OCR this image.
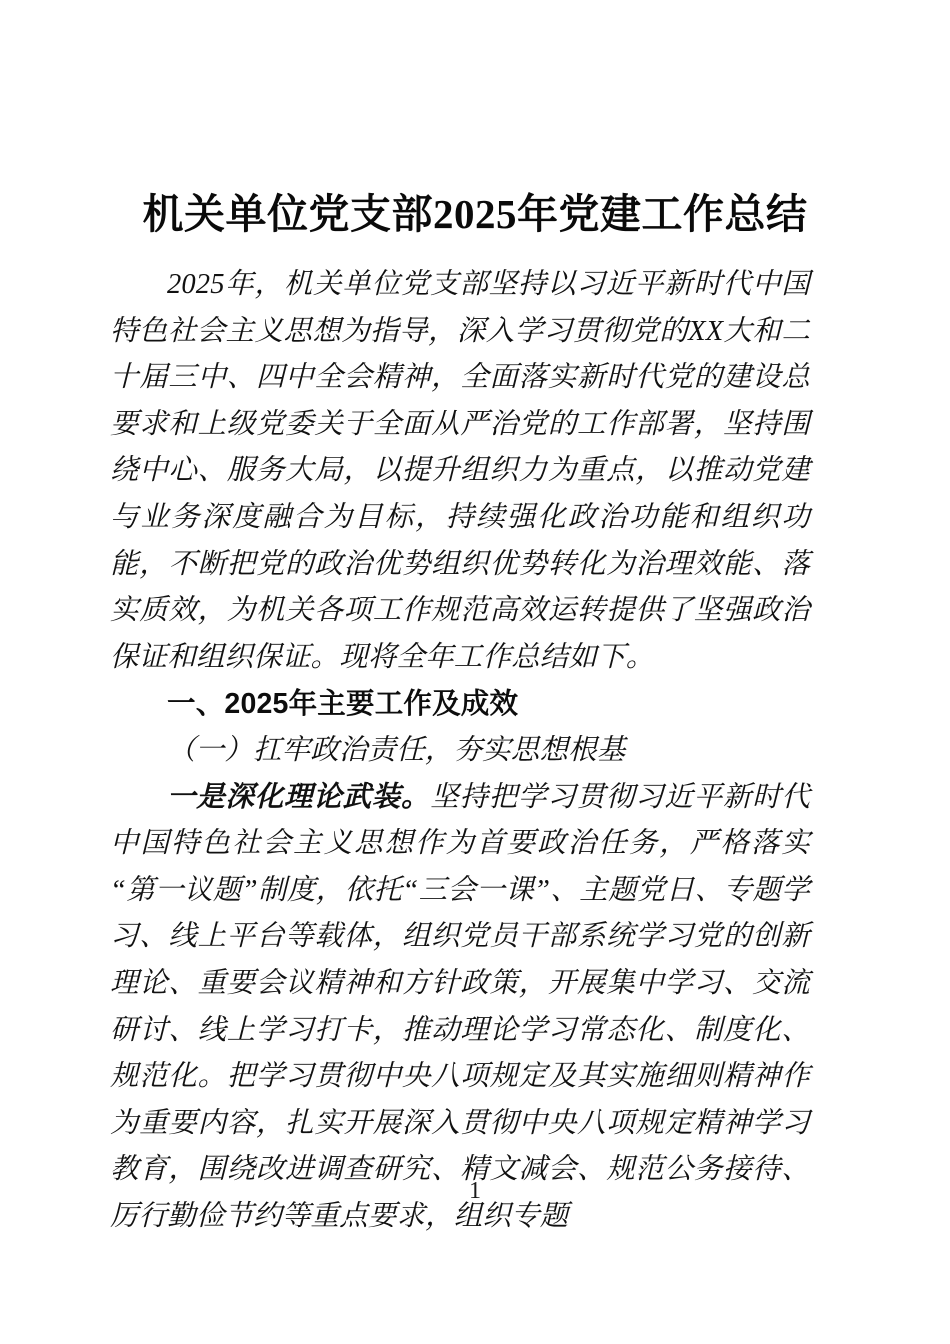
机关单位党支部2025年党建工作总结

2025年，机关单位党支部坚持以习近平新时代中国特色社会主义思想为指导，深入学习贯彻党的XX大和二十届三中、四中全会精神，全面落实新时代党的建设总要求和上级党委关于全面从严治党的工作部署，坚持围绕中心、服务大局，以提升组织力为重点，以推动党建与业务深度融合为目标，持续强化政治功能和组织功能，不断把党的政治优势组织优势转化为治理效能、落实质效，为机关各项工作规范高效运转提供了坚强政治保证和组织保证。现将全年工作总结如下。

一、2025年主要工作及成效

（一）扛牢政治责任，夯实思想根基

一是深化理论武装。坚持把学习贯彻习近平新时代中国特色社会主义思想作为首要政治任务，严格落实“第一议题”制度，依托“三会一课”、主题党日、专题学习、线上平台等载体，组织党员干部系统学习党的创新理论、重要会议精神和方针政策，开展集中学习、交流研讨、线上学习打卡，推动理论学习常态化、制度化、规范化。把学习贯彻中央八项规定及其实施细则精神作为重要内容，扎实开展深入贯彻中央八项规定精神学习教育，围绕改进调查研究、精文减会、规范公务接待、厉行勤俭节约等重点要求，组织专题

1
